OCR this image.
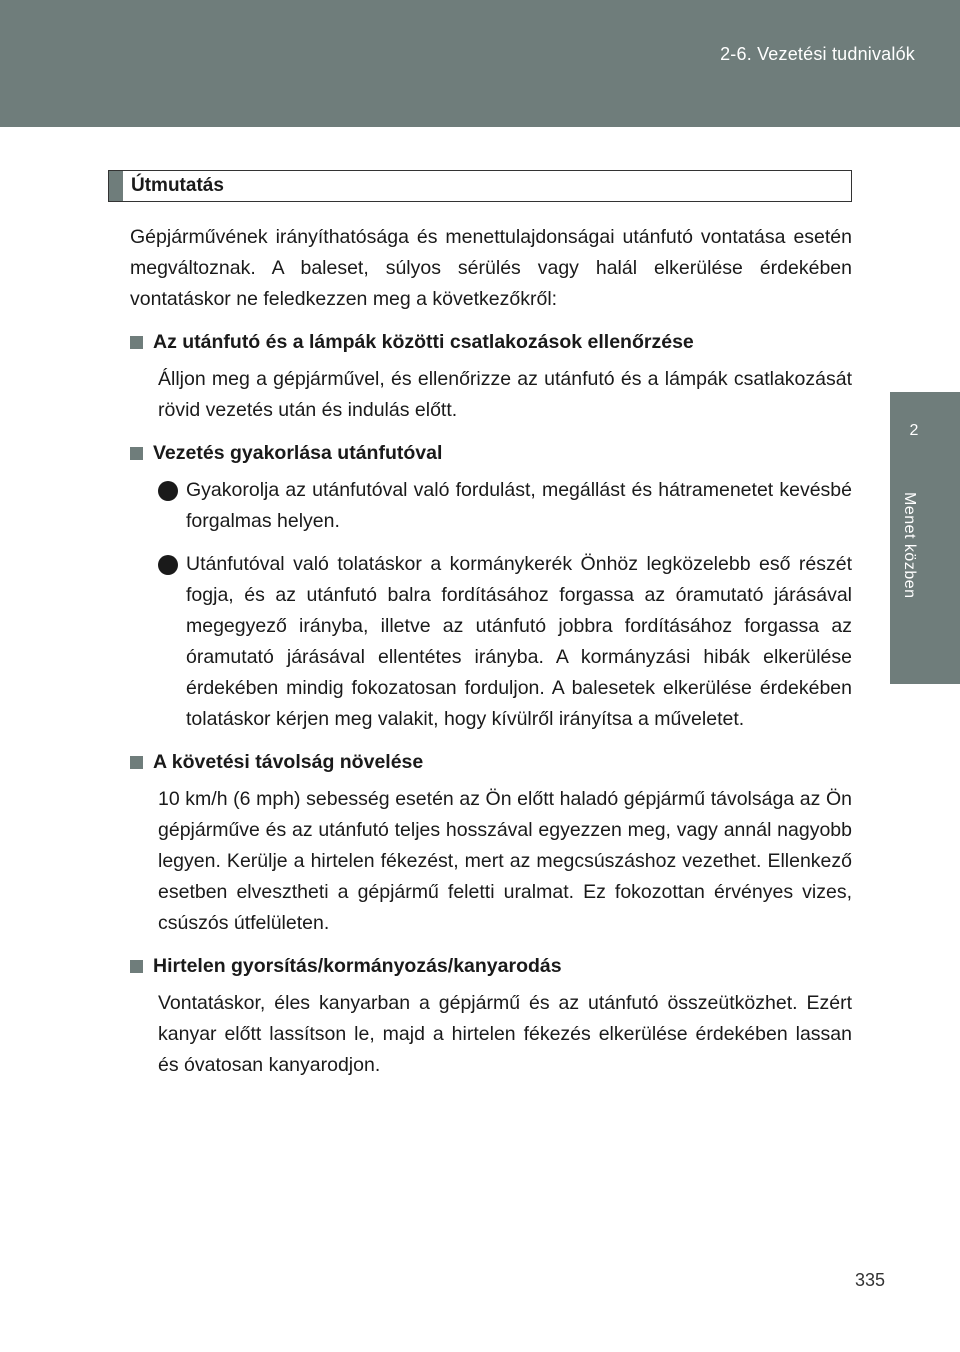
2-6. Vezetési tudnivalók
2
Menet közben
Útmutatás
Gépjárművének irányíthatósága és menettulajdonságai utánfutó vontatása esetén megváltoznak. A baleset, súlyos sérülés vagy halál elkerülése érdekében vontatáskor ne feledkezzen meg a következőkről:
Az utánfutó és a lámpák közötti csatlakozások ellenőrzése
Álljon meg a gépjárművel, és ellenőrizze az utánfutó és a lámpák csatlakozását rövid vezetés után és indulás előtt.
Vezetés gyakorlása utánfutóval
Gyakorolja az utánfutóval való fordulást, megállást és hátramenetet kevésbé forgalmas helyen.
Utánfutóval való tolatáskor a kormánykerék Önhöz legközelebb eső részét fogja, és az utánfutó balra fordításához forgassa az óramutató járásával megegyező irányba, illetve az utánfutó jobbra fordításához forgassa az óramutató járásával ellentétes irányba. A kormányzási hibák elkerülése érdekében mindig fokozatosan forduljon. A balesetek elkerülése érdekében tolatáskor kérjen meg valakit, hogy kívülről irányítsa a műveletet.
A követési távolság növelése
10 km/h (6 mph) sebesség esetén az Ön előtt haladó gépjármű távolsága az Ön gépjárműve és az utánfutó teljes hosszával egyezzen meg, vagy annál nagyobb legyen. Kerülje a hirtelen fékezést, mert az megcsúszáshoz vezethet. Ellenkező esetben elvesztheti a gépjármű feletti uralmat. Ez fokozottan érvényes vizes, csúszós útfelületen.
Hirtelen gyorsítás/kormányozás/kanyarodás
Vontatáskor, éles kanyarban a gépjármű és az utánfutó összeütközhet. Ezért kanyar előtt lassítson le, majd a hirtelen fékezés elkerülése érdekében lassan és óvatosan kanyarodjon.
335
